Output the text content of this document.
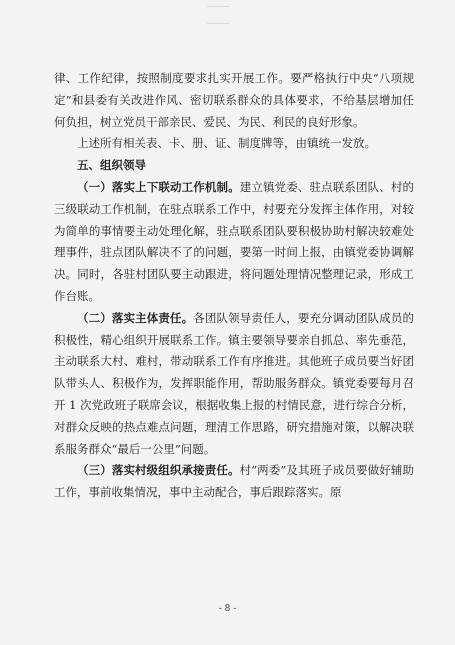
律、工作纪律，按照制度要求扎实开展工作。要严格执行中央“八项规定”和县委有关改进作风、密切联系群众的具体要求，不给基层增加任何负担，树立党员干部亲民、爱民、为民、利民的良好形象。

上述所有相关表、卡、册、证、制度牌等，由镇统一发放。

五、组织领导

（一）落实上下联动工作机制。建立镇党委、驻点联系团队、村的三级联动工作机制，在驻点联系工作中，村要充分发挥主体作用，对较为简单的事情要主动处理化解，驻点联系团队要积极协助村解决较难处理事件，驻点团队解决不了的问题，要第一时间上报，由镇党委协调解决。同时，各驻村团队要主动跟进，将问题处理情况整理记录，形成工作台账。

（二）落实主体责任。各团队领导责任人，要充分调动团队成员的积极性，精心组织开展联系工作。镇主要领导要亲自抓总、率先垂范，主动联系大村、难村，带动联系工作有序推进。其他班子成员要当好团队带头人、积极作为，发挥职能作用，帮助服务群众。镇党委要每月召开 1 次党政班子联席会议，根据收集上报的村情民意，进行综合分析，对群众反映的热点难点问题，理清工作思路，研究措施对策，以解决联系服务群众“最后一公里”问题。

（三）落实村级组织承接责任。村“两委”及其班子成员要做好辅助工作，事前收集情况，事中主动配合，事后跟踪落实。原

- 8 -
